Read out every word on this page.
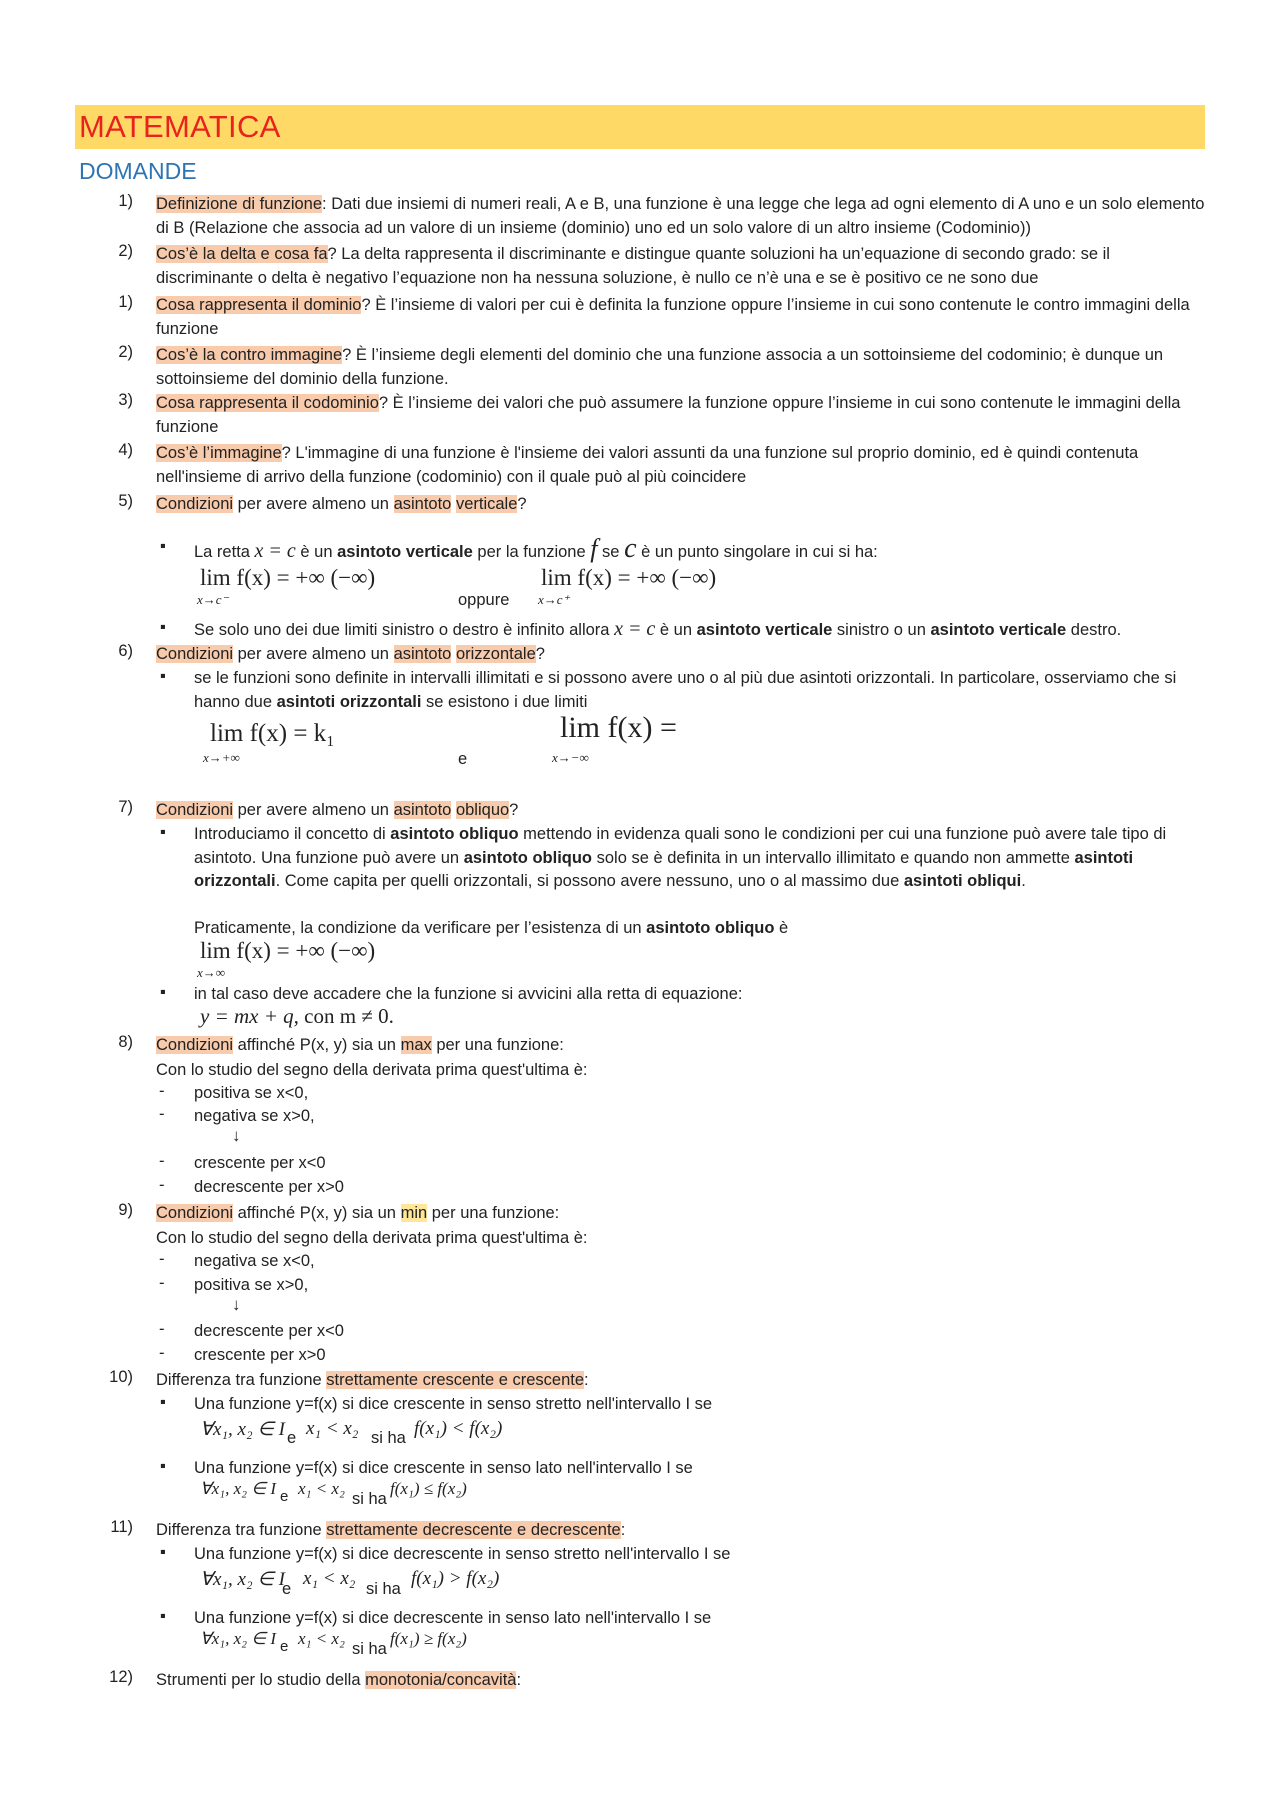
MATEMATICA
DOMANDE
1) Definizione di funzione: Dati due insiemi di numeri reali, A e B, una funzione è una legge che lega ad ogni elemento di A uno e un solo elemento di B (Relazione che associa ad un valore di un insieme (dominio) uno ed un solo valore di un altro insieme (Codominio))
2) Cos’è la delta e cosa fa? La delta rappresenta il discriminante e distingue quante soluzioni ha un’equazione di secondo grado: se il discriminante o delta è negativo l’equazione non ha nessuna soluzione, è nullo ce n’è una e se è positivo ce ne sono due
1) Cosa rappresenta il dominio? È l’insieme di valori per cui è definita la funzione oppure l’insieme in cui sono contenute le contro immagini della funzione
2) Cos’è la contro immagine? È l’insieme degli elementi del dominio che una funzione associa a un sottoinsieme del codominio; è dunque un sottoinsieme del dominio della funzione.
3) Cosa rappresenta il codominio? È l’insieme dei valori che può assumere la funzione oppure l’insieme in cui sono contenute le immagini della funzione
4) Cos’è l’immagine? L'immagine di una funzione è l'insieme dei valori assunti da una funzione sul proprio dominio, ed è quindi contenuta nell'insieme di arrivo della funzione (codominio) con il quale può al più coincidere
5) Condizioni per avere almeno un asintoto verticale?
▪ La retta x = c è un asintoto verticale per la funzione f se c è un punto singolare in cui si ha:
lim f(x) = +∞ (−∞)
x→c⁻	oppure
lim f(x) = +∞ (−∞)
x→c⁺
▪ Se solo uno dei due limiti sinistro o destro è infinito allora x = c è un asintoto verticale sinistro o un asintoto verticale destro.
6) Condizioni per avere almeno un asintoto orizzontale?
▪ se le funzioni sono definite in intervalli illimitati e si possono avere uno o al più due asintoti orizzontali. In particolare, osserviamo che si hanno due asintoti orizzontali se esistono i due limiti
lim f(x) = k₁
x→+∞	e
lim f(x) =
x→−∞
7) Condizioni per avere almeno un asintoto obliquo?
▪ Introduciamo il concetto di asintoto obliquo mettendo in evidenza quali sono le condizioni per cui una funzione può avere tale tipo di asintoto. Una funzione può avere un asintoto obliquo solo se è definita in un intervallo illimitato e quando non ammette asintoti orizzontali. Come capita per quelli orizzontali, si possono avere nessuno, uno o al massimo due asintoti obliqui.
Praticamente, la condizione da verificare per l’esistenza di un asintoto obliquo è
lim f(x) = +∞ (−∞)
x→∞
▪ in tal caso deve accadere che la funzione si avvicini alla retta di equazione:
y = mx + q, con m ≠ 0.
8) Condizioni affinché P(x, y) sia un max per una funzione:
Con lo studio del segno della derivata prima quest'ultima è:
- positiva se x<0,
- negativa se x>0,
↓
- crescente per x<0
- decrescente per x>0
9) Condizioni affinché P(x, y) sia un min per una funzione:
Con lo studio del segno della derivata prima quest'ultima è:
- negativa se x<0,
- positiva se x>0,
↓
- decrescente per x<0
- crescente per x>0
10) Differenza tra funzione strettamente crescente e crescente:
▪ Una funzione y=f(x) si dice crescente in senso stretto nell'intervallo I se
∀x₁, x₂ ∈ I e x₁ < x₂ si ha f(x₁) < f(x₂)
▪ Una funzione y=f(x) si dice crescente in senso lato nell'intervallo I se
∀x₁, x₂ ∈ I e x₁ < x₂
si ha
f(x₁) ≤ f(x₂)
11) Differenza tra funzione strettamente decrescente e decrescente:
▪ Una funzione y=f(x) si dice decrescente in senso stretto nell'intervallo I se
∀x₁, x₂ ∈ I
e x₁ < x₂ si ha f(x₁) > f(x₂)
▪ Una funzione y=f(x) si dice decrescente in senso lato nell'intervallo I se
∀x₁, x₂ ∈ I e x₁ < x₂
si ha
f(x₁) ≥ f(x₂)
12) Strumenti per lo studio della monotonia/concavità:
